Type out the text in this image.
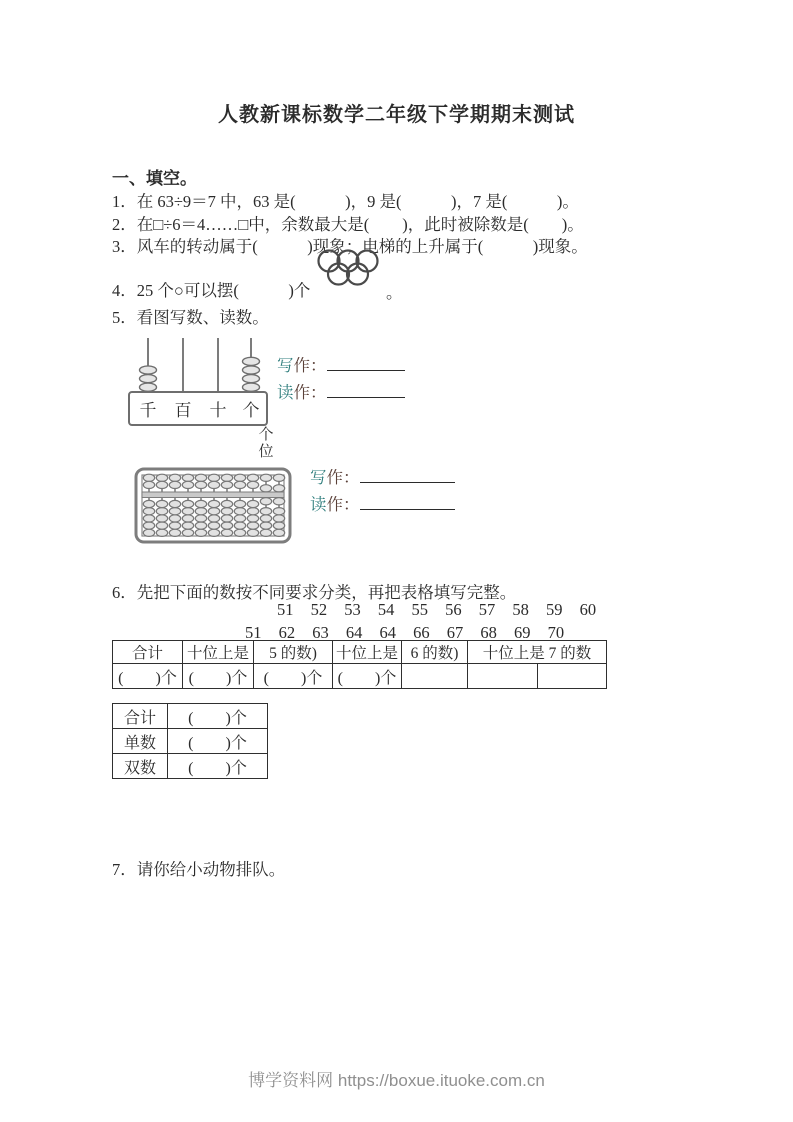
人教新课标数学二年级下学期期末测试
一、填空。
1．在 63÷9＝7 中，63 是(　　　)，9 是(　　　)，7 是(　　　)。
2．在□÷6＝4……□中，余数最大是(　　)，此时被除数是(　　)。
3．风车的转动属于(　　　)现象；电梯的上升属于(　　　)现象。
4．25 个○可以摆(　　　)个	。
5．看图写数、读数。
千 百 十 个
写作：
读作：
个
位
写作：
读作：
6．先把下面的数按不同要求分类，再把表格填写完整。
51 52 53 54 55 56 57 58 59 60
51 62 63 64 64 66 67 68 69 70
合计	十位上是	5 的数)	十位上是	6 的数)	十位上是 7 的数	
(　　)个	(　　)个	(　　)个	(　　)个			
合计	(　　)个
单数	(　　)个
双数	(　　)个
7．请你给小动物排队。
博学资料网 https://boxue.ituoke.com.cn
